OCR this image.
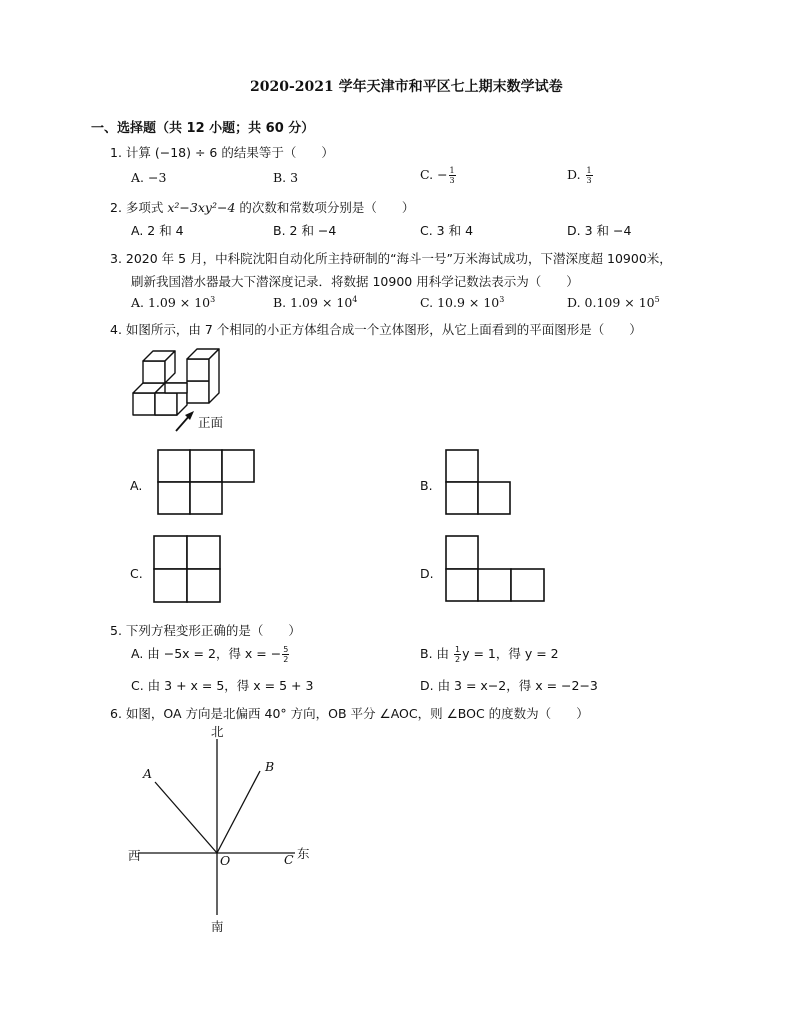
2020-2021 学年天津市和平区七上期末数学试卷
一、选择题（共 12 小题；共 60 分）
1. 计算 (−18) ÷ 6 的结果等于（　　）
A. −3	B. 3	C. − $\frac{1}{3}$	D. $\frac{1}{3}$
2. 多项式 x²−3xy²−4 的次数和常数项分别是（　　）
A. 2 和 4	B. 2 和 −4	C. 3 和 4	D. 3 和 −4
3. 2020 年 5 月，中科院沈阳自动化所主持研制的“海斗一号”万米海试成功，下潜深度超 10900米，
刷新我国潜水器最大下潜深度记录．将数据 10900 用科学记数法表示为（　　）
A. $1.09 \times 10^3$	B. $1.09 \times 10^4$	C. $10.9 \times 10^3$	D. $0.109 \times 10^5$
4. 如图所示，由 7 个相同的小正方体组合成一个立体图形，从它上面看到的平面图形是（　　）
正面
A.	B.
C.	D.
5. 下列方程变形正确的是（　　）
A. 由 −5x = 2，得 x = − $\frac{5}{2}$	B. 由 $\frac{1}{2}$ y = 1，得 y = 2
C. 由 3 + x = 5，得 x = 5 + 3	D. 由 3 = x−2，得 x = −2−3
6. 如图，OA 方向是北偏西 40° 方向，OB 平分 ∠AOC，则 ∠BOC 的度数为（　　）
北
南
西	东
A	B
C
O
